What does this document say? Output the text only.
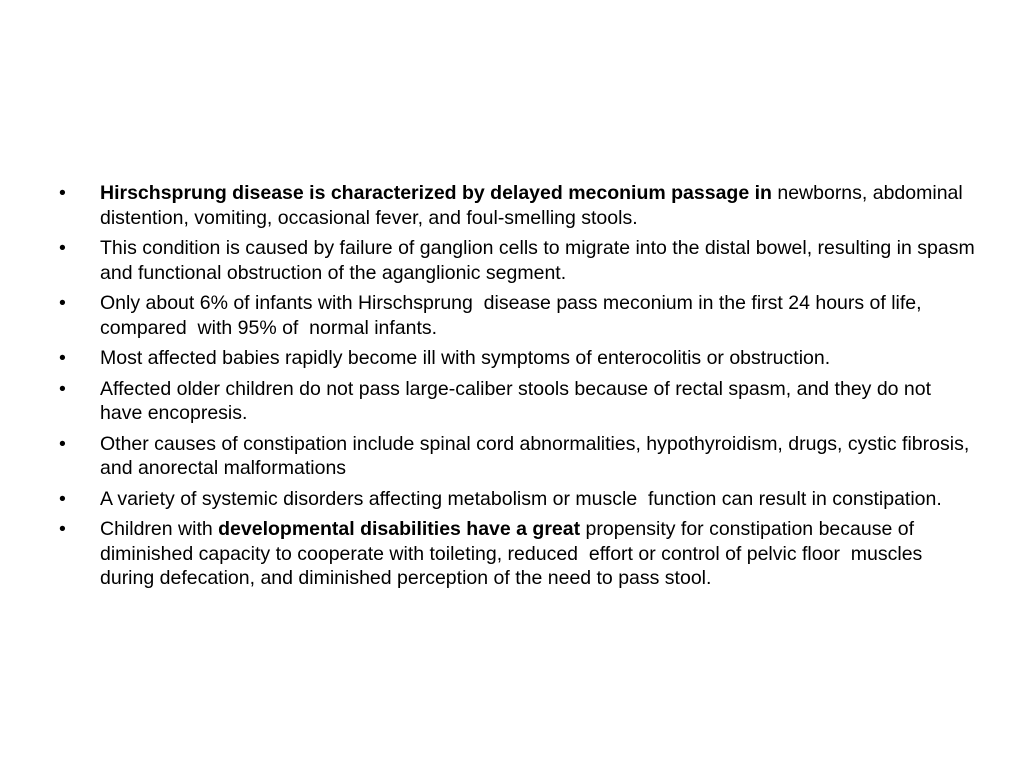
• Hirschsprung disease is characterized by delayed meconium passage in newborns, abdominal distention, vomiting, occasional fever, and foul-smelling stools.
• This condition is caused by failure of ganglion cells to migrate into the distal bowel, resulting in spasm and functional obstruction of the aganglionic segment.
• Only about 6% of infants with Hirschsprung  disease pass meconium in the first 24 hours of life, compared  with 95% of  normal infants.
• Most affected babies rapidly become ill with symptoms of enterocolitis or obstruction.
• Affected older children do not pass large-caliber stools because of rectal spasm, and they do not have encopresis.
• Other causes of constipation include spinal cord abnormalities, hypothyroidism, drugs, cystic fibrosis, and anorectal malformations
• A variety of systemic disorders affecting metabolism or muscle  function can result in constipation.
• Children with developmental disabilities have a great propensity for constipation because of diminished capacity to cooperate with toileting, reduced  effort or control of pelvic floor  muscles during defecation, and diminished perception of the need to pass stool.
